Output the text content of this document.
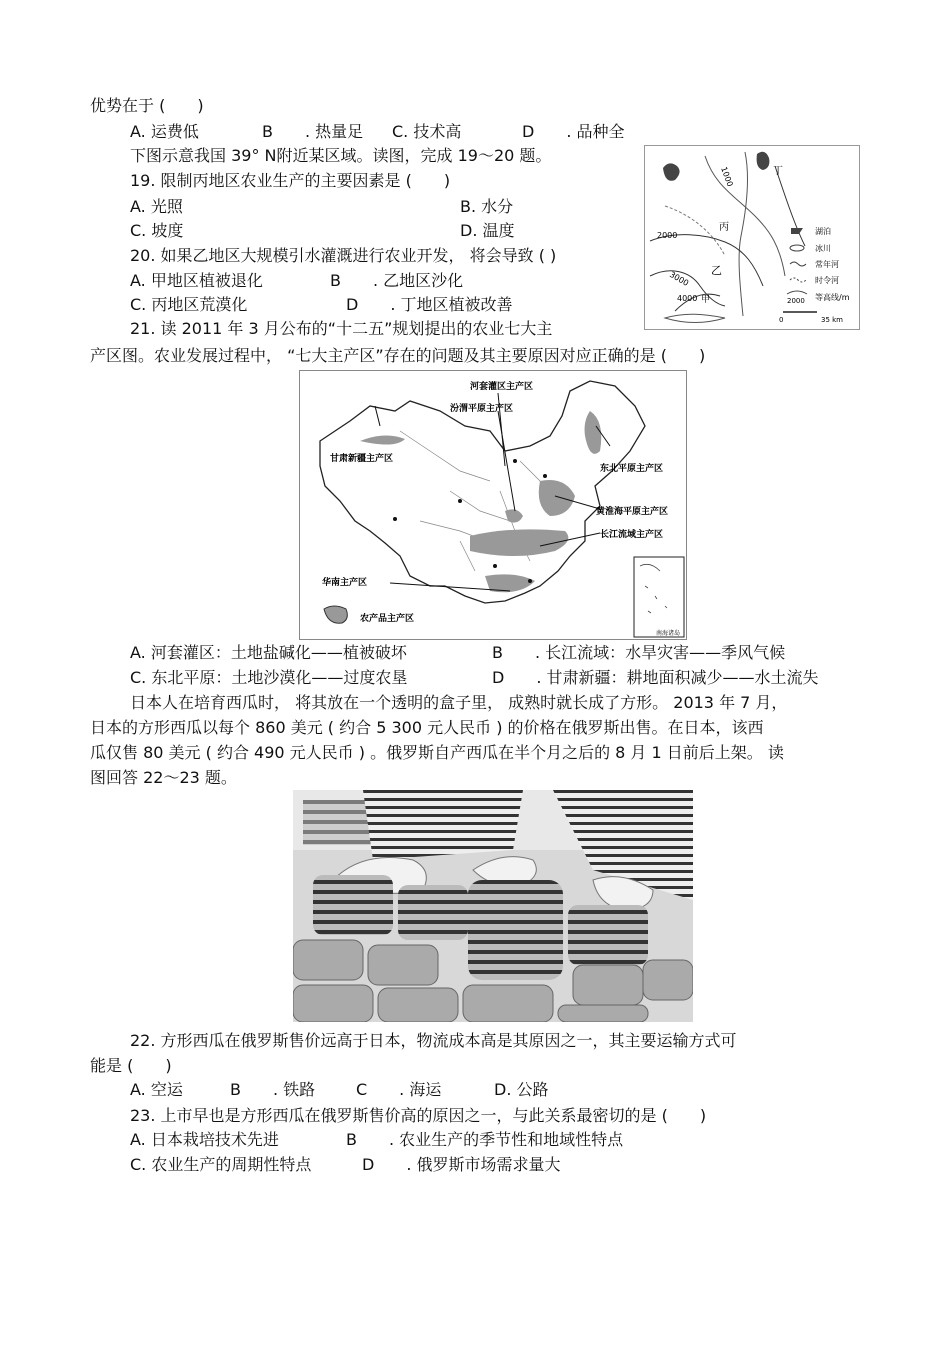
优势在于 (　　)
A. 运费低	B　　. 热量足 C. 技术高	D　　. 品种全
下图示意我国 39° N附近某区域。读图，完成 19～20 题。
19. 限制丙地区农业生产的主要因素是 (　　)
A. 光照	B. 水分
C. 坡度	D. 温度
20. 如果乙地区大规模引水灌溉进行农业开发， 将会导致 ( )
A. 甲地区植被退化	B　　. 乙地区沙化
C. 丙地区荒漠化	D　　. 丁地区植被改善
21. 读 2011 年 3 月公布的“十二五”规划提出的农业七大主
产区图。农业发展过程中， “七大主产区”存在的问题及其主要原因对应正确的是 (　　)
丁
丙
乙
甲
1000
2000
3000
4000
湖泊
冰川
常年河
时令河
2000 等高线/m
0	35 km
南海诸岛
河套灌区主产区
汾渭平原主产区
甘肃新疆主产区
东北平原主产区
黄淮海平原主产区
长江流域主产区
华南主产区
农产品主产区
A. 河套灌区：土地盐碱化——植被破坏	B　　. 长江流域：水旱灾害——季风气候
C. 东北平原：土地沙漠化——过度农垦	D　　. 甘肃新疆：耕地面积减少——水土流失
日本人在培育西瓜时， 将其放在一个透明的盒子里， 成熟时就长成了方形。 2013 年 7 月，
日本的方形西瓜以每个 860 美元 ( 约合 5 300 元人民币 ) 的价格在俄罗斯出售。在日本，该西
瓜仅售 80 美元 ( 约合 490 元人民币 ) 。俄罗斯自产西瓜在半个月之后的 8 月 1 日前后上架。 读
图回答 22～23 题。
22. 方形西瓜在俄罗斯售价远高于日本，物流成本高是其原因之一，其主要运输方式可
能是 (　　)
A. 空运	B　　. 铁路	C　　. 海运	D. 公路
23. 上市早也是方形西瓜在俄罗斯售价高的原因之一，与此关系最密切的是 (　　)
A. 日本栽培技术先进	B　　. 农业生产的季节性和地域性特点
C. 农业生产的周期性特点	D　　. 俄罗斯市场需求量大
